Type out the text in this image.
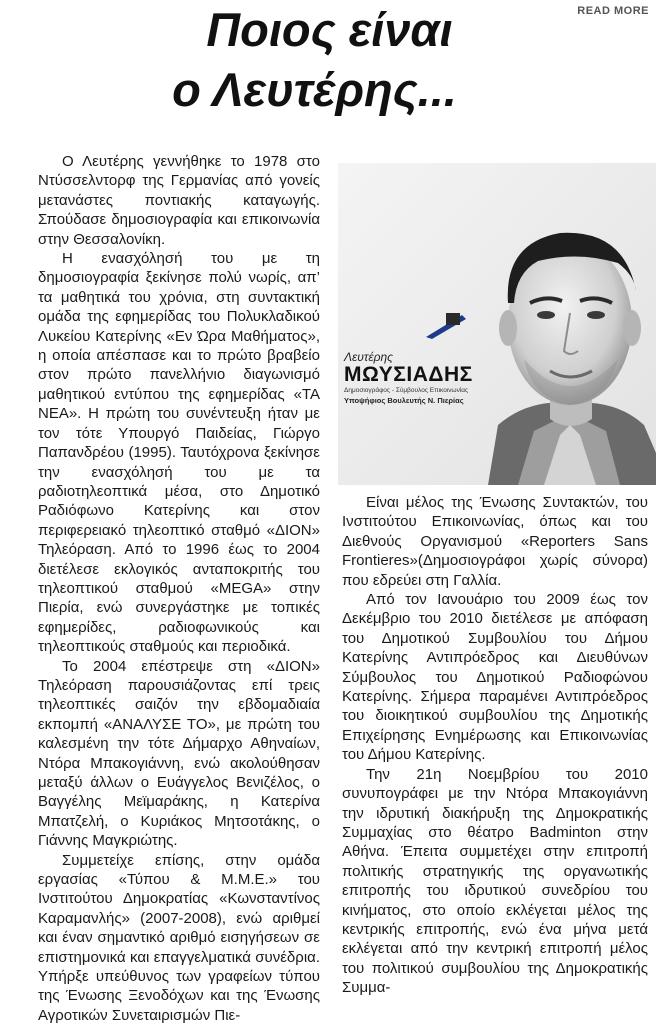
READ MORE
Ποιος είναι
ο Λευτέρης...

Ο Λευτέρης γεννήθηκε το 1978 στο Ντύσσελντορφ της Γερμανίας από γονείς μετανάστες ποντιακής καταγωγής. Σπούδασε δημοσιογραφία και επικοινωνία στην Θεσσαλονίκη.

Η ενασχόλησή του με τη δημοσιογραφία ξεκίνησε πολύ νωρίς, απ’ τα μαθητικά του χρόνια, στη συντακτική ομάδα της εφημερίδας του Πολυκλαδικού Λυκείου Κατερίνης «Εν Ώρα Μαθήματος», η οποία απέσπασε και το πρώτο βραβείο στον πρώτο πανελλήνιο διαγωνισμό μαθητικού εντύπου της εφημερίδας «ΤΑ ΝΕΑ». Η πρώτη του συνέντευξη ήταν με τον τότε Υπουργό Παιδείας, Γιώργο Παπανδρέου (1995). Ταυτόχρονα ξεκίνησε την ενασχόλησή του με τα ραδιοτηλεοπτικά μέσα, στο Δημοτικό Ραδιόφωνο Κατερίνης και στον περιφερειακό τηλεοπτικό σταθμό «ΔΙΟΝ» Τηλεόραση. Από το 1996 έως το 2004 διετέλεσε εκλογικός ανταποκριτής του τηλεοπτικού σταθμού «MEGA» στην Πιερία, ενώ συνεργάστηκε με τοπικές εφημερίδες, ραδιοφωνικούς και τηλεοπτικούς σταθμούς και περιοδικά.

Το 2004 επέστρεψε στη «ΔΙΟΝ» Τηλεόραση παρουσιάζοντας επί τρεις τηλεοπτικές σαιζόν την εβδομαδιαία εκπομπή «ΑΝΑΛΥΣΕ ΤΟ», με πρώτη του καλεσμένη την τότε Δήμαρχο Αθηναίων, Ντόρα Μπακογιάννη, ενώ ακολούθησαν μεταξύ άλλων ο Ευάγγελος Βενιζέλος, ο Βαγγέλης Μεϊμαράκης, η Κατερίνα Μπατζελή, ο Κυριάκος Μητσοτάκης, ο Γιάννης Μαγκριώτης.

Συμμετείχε επίσης, στην ομάδα εργασίας «Τύπου & Μ.Μ.Ε.» του Ινστιτούτου Δημοκρατίας «Κωνσταντίνος Καραμανλής» (2007-2008), ενώ αριθμεί και έναν σημαντικό αριθμό εισηγήσεων σε επιστημονικά και επαγγελματικά συνέδρια. Υπήρξε υπεύθυνος των γραφείων τύπου της Ένωσης Ξενοδόχων και της Ένωσης Αγροτικών Συνεταιρισμών Πιε-

Λευτέρης
ΜΩΥΣΙΑΔΗΣ
Δημοσιογράφος - Σύμβουλος Επικοινωνίας
Υποψήφιος Βουλευτής Ν. Πιερίας

Είναι μέλος της Ένωσης Συντακτών, του Ινστιτούτου Επικοινωνίας, όπως και του Διεθνούς Οργανισμού «Reporters Sans Frontieres»(Δημοσιογράφοι χωρίς σύνορα) που εδρεύει στη Γαλλία.

Από τον Ιανουάριο του 2009 έως τον Δεκέμβριο του 2010 διετέλεσε με απόφαση του Δημοτικού Συμβουλίου του Δήμου Κατερίνης Αντιπρόεδρος και Διευθύνων Σύμβουλος του Δημοτικού Ραδιοφώνου Κατερίνης. Σήμερα παραμένει Αντιπρόεδρος του διοικητικού συμβουλίου της Δημοτικής Επιχείρησης Ενημέρωσης και Επικοινωνίας του Δήμου Κατερίνης.

Την 21η Νοεμβρίου του 2010 συνυπογράφει με την Ντόρα Μπακογιάννη την ιδρυτική διακήρυξη της Δημοκρατικής Συμμαχίας στο θέατρο Badminton στην Αθήνα. Έπειτα συμμετέχει στην επιτροπή πολιτικής στρατηγικής της οργανωτικής επιτροπής του ιδρυτικού συνεδρίου του κινήματος, στο οποίο εκλέγεται μέλος της κεντρικής επιτροπής, ενώ ένα μήνα μετά εκλέγεται από την κεντρική επιτροπή μέλος του πολιτικού συμβουλίου της Δημοκρατικής Συμμα-
